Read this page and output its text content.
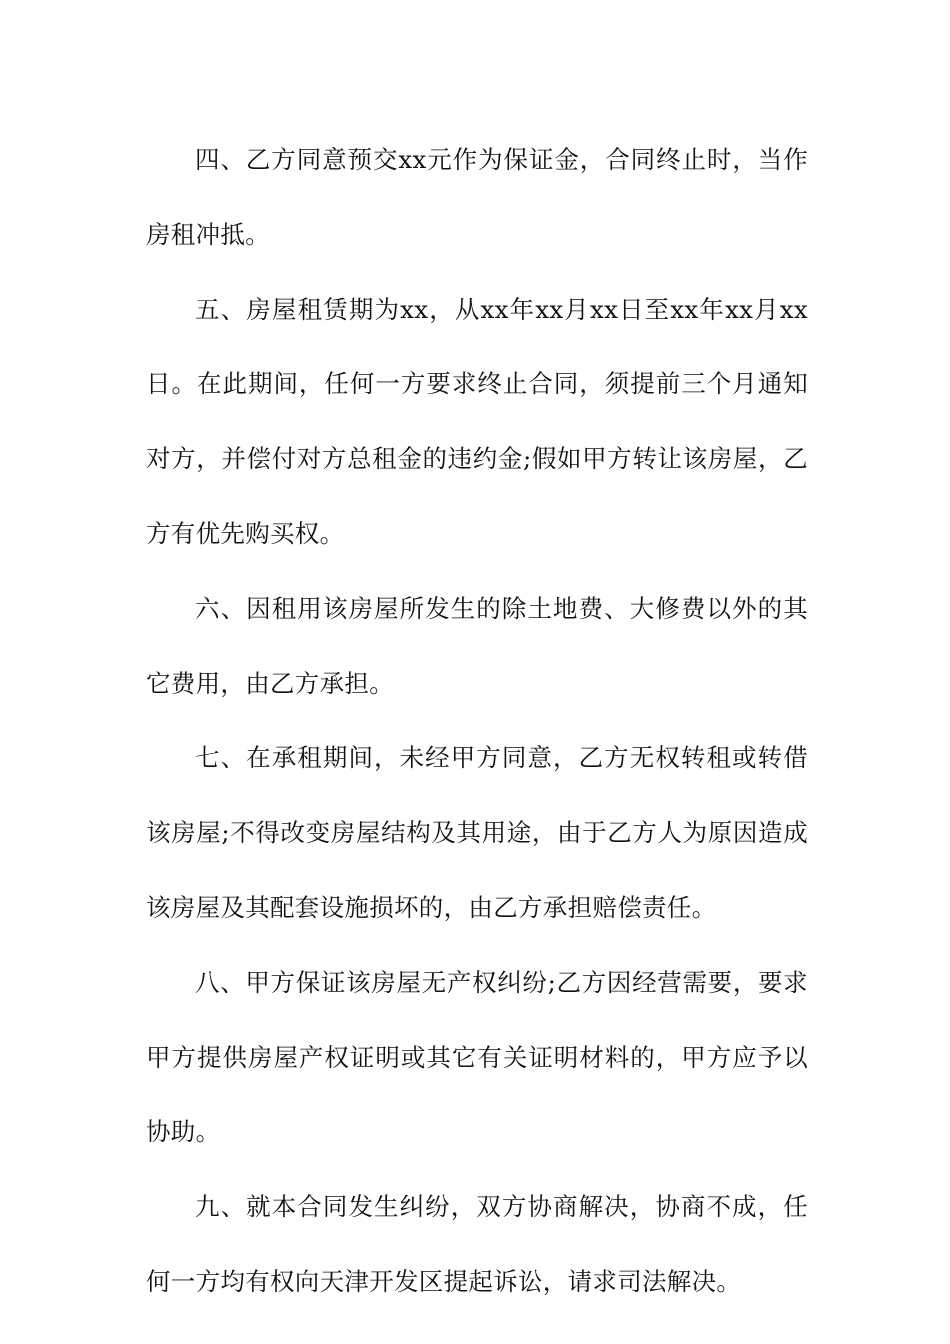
四、乙方同意预交xx元作为保证金，合同终止时，当作房租冲抵。

五、房屋租赁期为xx，从xx年xx月xx日至xx年xx月xx日。在此期间，任何一方要求终止合同，须提前三个月通知对方，并偿付对方总租金的违约金;假如甲方转让该房屋，乙方有优先购买权。

六、因租用该房屋所发生的除土地费、大修费以外的其它费用，由乙方承担。

七、在承租期间，未经甲方同意，乙方无权转租或转借该房屋;不得改变房屋结构及其用途，由于乙方人为原因造成该房屋及其配套设施损坏的，由乙方承担赔偿责任。

八、甲方保证该房屋无产权纠纷;乙方因经营需要，要求甲方提供房屋产权证明或其它有关证明材料的，甲方应予以协助。

九、就本合同发生纠纷，双方协商解决，协商不成，任何一方均有权向天津开发区提起诉讼，请求司法解决。
